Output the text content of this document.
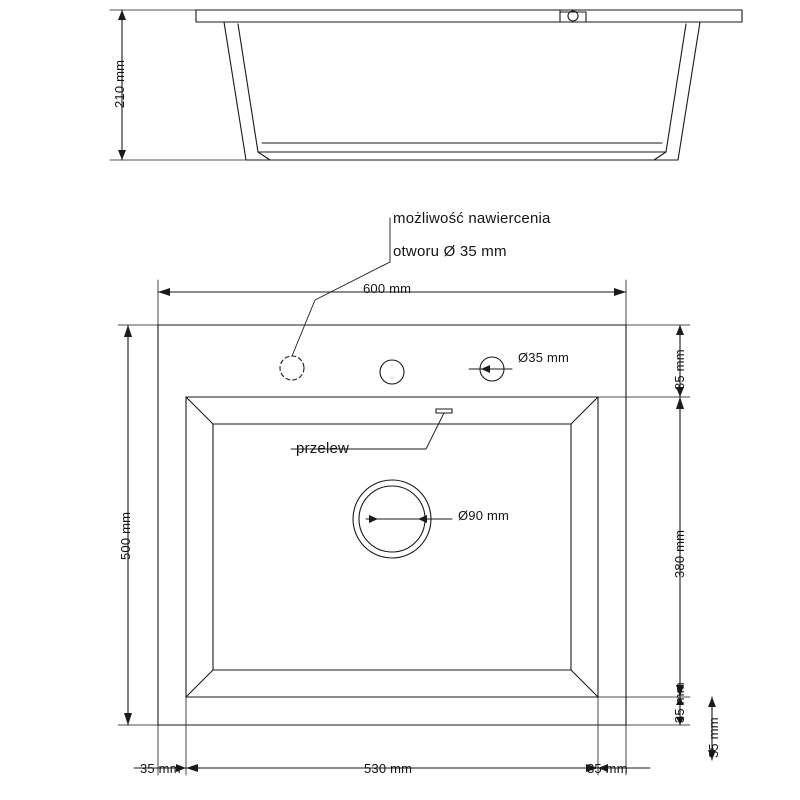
210 mm
możliwość nawiercenia
otworu Ø 35 mm
600 mm
500 mm
Ø35 mm
przelew
Ø90 mm
85 mm
380 mm
35 mm
35 mm
35 mm	530 mm	35 mm
